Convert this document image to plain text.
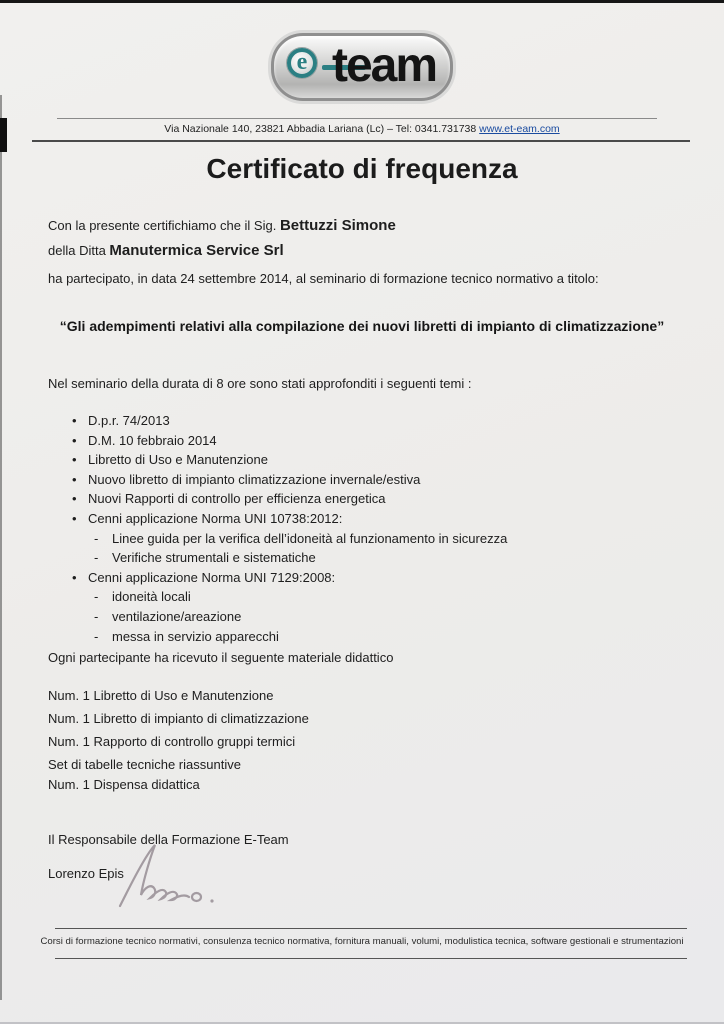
e team
Via Nazionale 140, 23821 Abbadia Lariana (Lc) – Tel: 0341.731738 www.et-eam.com
Certificato di frequenza

Con la presente certifichiamo che il Sig. Bettuzzi Simone
della Ditta Manutermica Service Srl

ha partecipato, in data 24 settembre 2014, al seminario di formazione tecnico normativo a titolo:

“Gli adempimenti relativi alla compilazione dei nuovi libretti di impianto di climatizzazione”

Nel seminario della durata di 8 ore sono stati approfonditi i seguenti temi :

• D.p.r. 74/2013
• D.M. 10 febbraio 2014
• Libretto di Uso e Manutenzione
• Nuovo libretto di impianto climatizzazione invernale/estiva
• Nuovi Rapporti di controllo per efficienza energetica
• Cenni applicazione Norma UNI 10738:2012:
-	Linee guida per la verifica dell’idoneità al funzionamento in sicurezza
-	Verifiche strumentali e sistematiche
• Cenni applicazione Norma UNI 7129:2008:
-	idoneità locali
-	ventilazione/areazione
-	messa in servizio apparecchi

Ogni partecipante ha ricevuto il seguente materiale didattico

Num. 1 Libretto di Uso e Manutenzione

Num. 1 Libretto di impianto di climatizzazione

Num. 1 Rapporto di controllo gruppi termici

Set di tabelle tecniche riassuntive

Num. 1 Dispensa didattica

Il Responsabile della Formazione E-Team

Lorenzo Epis

Corsi di formazione tecnico normativi, consulenza tecnico normativa, fornitura manuali, volumi, modulistica tecnica, software gestionali e strumentazioni
